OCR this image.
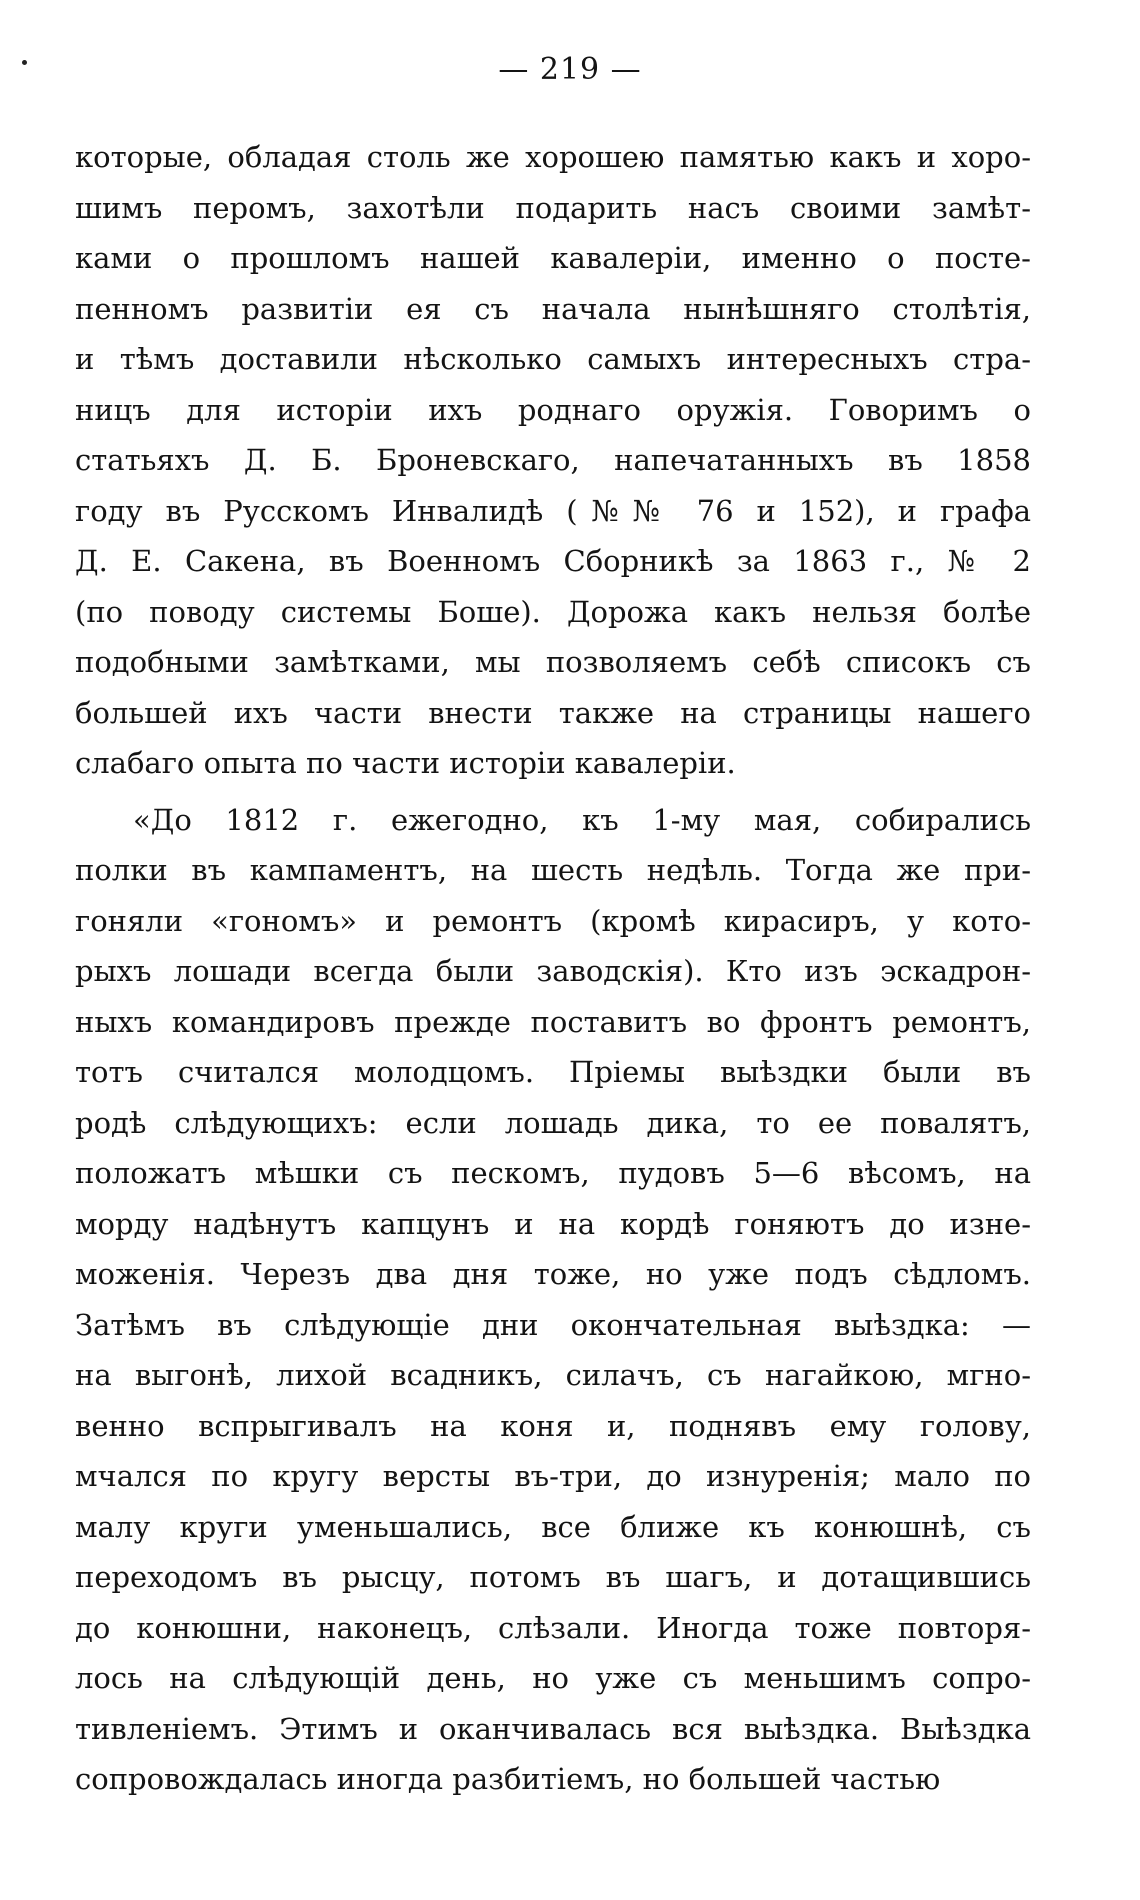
— 219 —
которые, обладая столь же хорошею памятью какъ и хоро-
шимъ перомъ, захотѣли подарить насъ своими замѣт-
ками о прошломъ нашей кавалеріи, именно о посте-
пенномъ развитіи ея съ начала нынѣшняго столѣтія,
и тѣмъ доставили нѣсколько самыхъ интересныхъ стра-
ницъ для исторіи ихъ роднаго оружія. Говоримъ о
статьяхъ Д. Б. Броневскаго, напечатанныхъ въ 1858
году въ Русскомъ Инвалидѣ (№№ 76 и 152), и графа
Д. Е. Сакена, въ Военномъ Сборникѣ за 1863 г., № 2
(по поводу системы Боше). Дорожа какъ нельзя болѣе
подобными замѣтками, мы позволяемъ себѣ списокъ съ
большей ихъ части внести также на страницы нашего
слабаго опыта по части исторіи кавалеріи.
«До 1812 г. ежегодно, къ 1-му мая, собирались
полки въ кампаментъ, на шесть недѣль. Тогда же при-
гоняли «гономъ» и ремонтъ (кромѣ кирасиръ, у кото-
рыхъ лошади всегда были заводскія). Кто изъ эскадрон-
ныхъ командировъ прежде поставитъ во фронтъ ремонтъ,
тотъ считался молодцомъ. Пріемы выѣздки были въ
родѣ слѣдующихъ: если лошадь дика, то ее повалятъ,
положатъ мѣшки съ пескомъ, пудовъ 5—6 вѣсомъ, на
морду надѣнутъ капцунъ и на кордѣ гоняютъ до изне-
моженія. Черезъ два дня тоже, но уже подъ сѣдломъ.
Затѣмъ въ слѣдующіе дни окончательная выѣздка: —
на выгонѣ, лихой всадникъ, силачъ, съ нагайкою, мгно-
венно вспрыгивалъ на коня и, поднявъ ему голову,
мчался по кругу версты въ-три, до изнуренія; мало по
малу круги уменьшались, все ближе къ конюшнѣ, съ
переходомъ въ рысцу, потомъ въ шагъ, и дотащившись
до конюшни, наконецъ, слѣзали. Иногда тоже повторя-
лось на слѣдующій день, но уже съ меньшимъ сопро-
тивленіемъ. Этимъ и оканчивалась вся выѣздка. Выѣздка
сопровождалась иногда разбитіемъ, но большей частью
